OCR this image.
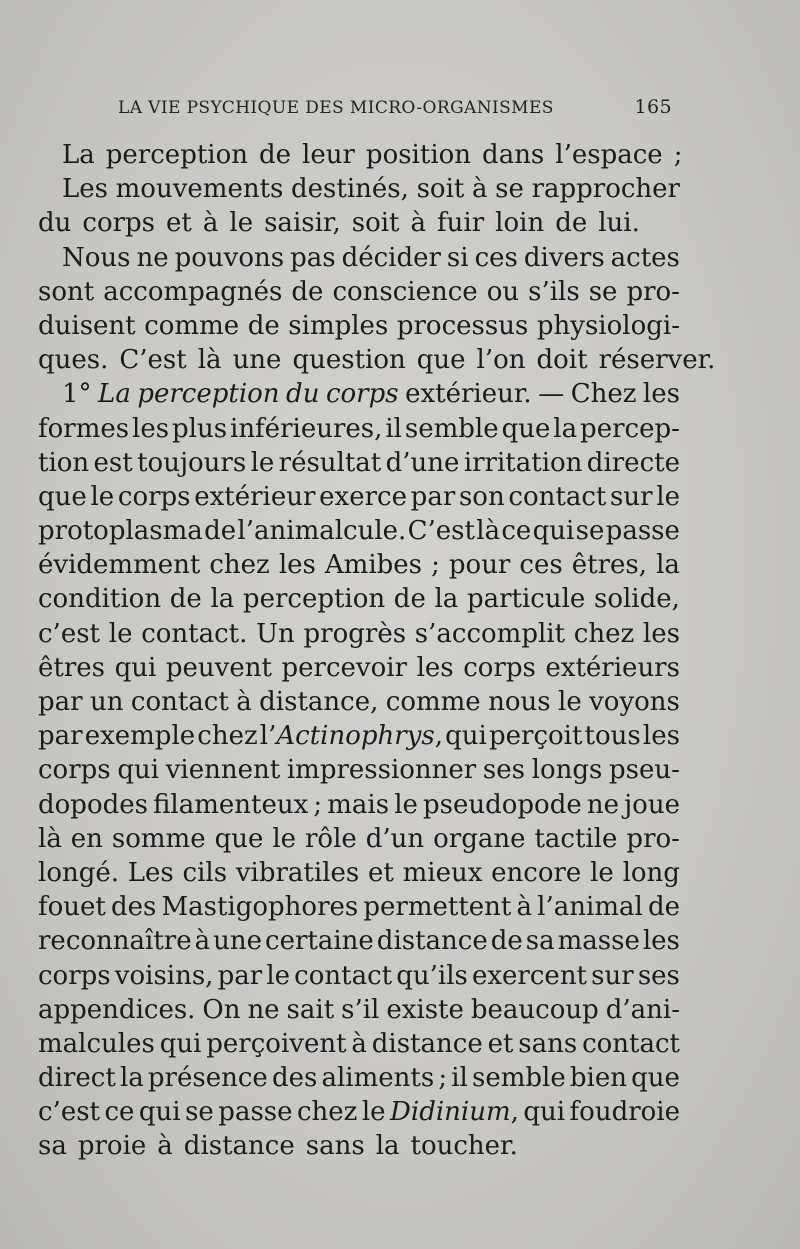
LA VIE PSYCHIQUE DES MICRO-ORGANISMES	165
La perception de leur position dans l’espace ;
Les mouvements destinés, soit à se rapprocher
du corps et à le saisir, soit à fuir loin de lui.
Nous ne pouvons pas décider si ces divers actes
sont accompagnés de conscience ou s’ils se pro-
duisent comme de simples processus physiologi-
ques. C’est là une question que l’on doit réserver.
1° La perception du corps extérieur. — Chez les
formes les plus inférieures, il semble que la percep-
tion est toujours le résultat d’une irritation directe
que le corps extérieur exerce par son contact sur le
protoplasma de l’animalcule. C’est là ce qui se passe
évidemment chez les Amibes ; pour ces êtres, la
condition de la perception de la particule solide,
c’est le contact. Un progrès s’accomplit chez les
êtres qui peuvent percevoir les corps extérieurs
par un contact à distance, comme nous le voyons
par exemple chez l’Actinophrys, qui perçoit tous les
corps qui viennent impressionner ses longs pseu-
dopodes filamenteux ; mais le pseudopode ne joue
là en somme que le rôle d’un organe tactile pro-
longé. Les cils vibratiles et mieux encore le long
fouet des Mastigophores permettent à l’animal de
reconnaître à une certaine distance de sa masse les
corps voisins, par le contact qu’ils exercent sur ses
appendices. On ne sait s’il existe beaucoup d’ani-
malcules qui perçoivent à distance et sans contact
direct la présence des aliments ; il semble bien que
c’est ce qui se passe chez le Didinium, qui foudroie
sa proie à distance sans la toucher.
